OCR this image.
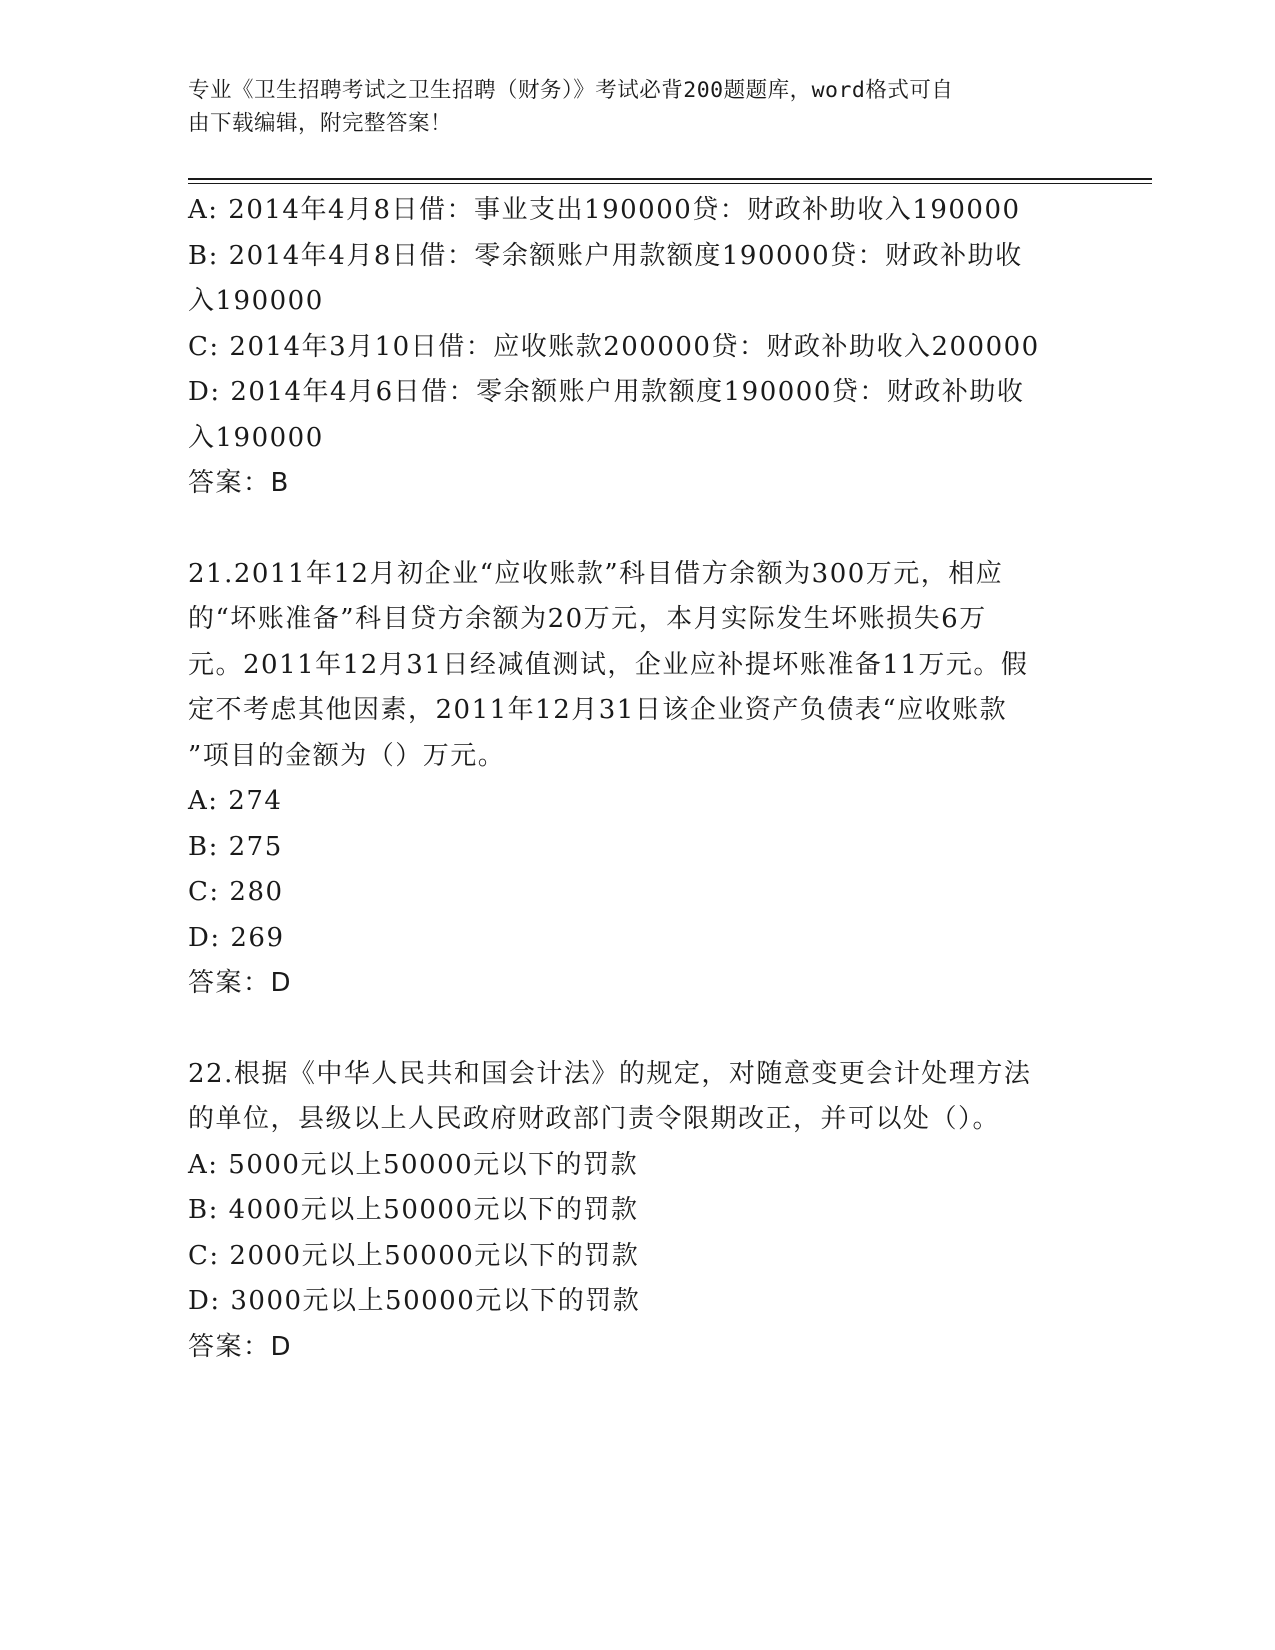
专业《卫生招聘考试之卫生招聘（财务）》考试必背200题题库，word格式可自
由下载编辑，附完整答案！

A: 2014年4月8日借：事业支出190000贷：财政补助收入190000

B: 2014年4月8日借：零余额账户用款额度190000贷：财政补助收

入190000

C: 2014年3月10日借：应收账款200000贷：财政补助收入200000

D: 2014年4月6日借：零余额账户用款额度190000贷：财政补助收

入190000

答案：B

21.2011年12月初企业“应收账款”科目借方余额为300万元，相应

的“坏账准备”科目贷方余额为20万元，本月实际发生坏账损失6万

元。2011年12月31日经减值测试，企业应补提坏账准备11万元。假

定不考虑其他因素，2011年12月31日该企业资产负债表“应收账款

”项目的金额为（）万元。

A: 274

B: 275

C: 280

D: 269

答案：D

22.根据《中华人民共和国会计法》的规定，对随意变更会计处理方法

的单位，县级以上人民政府财政部门责令限期改正，并可以处（）。

A: 5000元以上50000元以下的罚款

B: 4000元以上50000元以下的罚款

C: 2000元以上50000元以下的罚款

D: 3000元以上50000元以下的罚款

答案：D
